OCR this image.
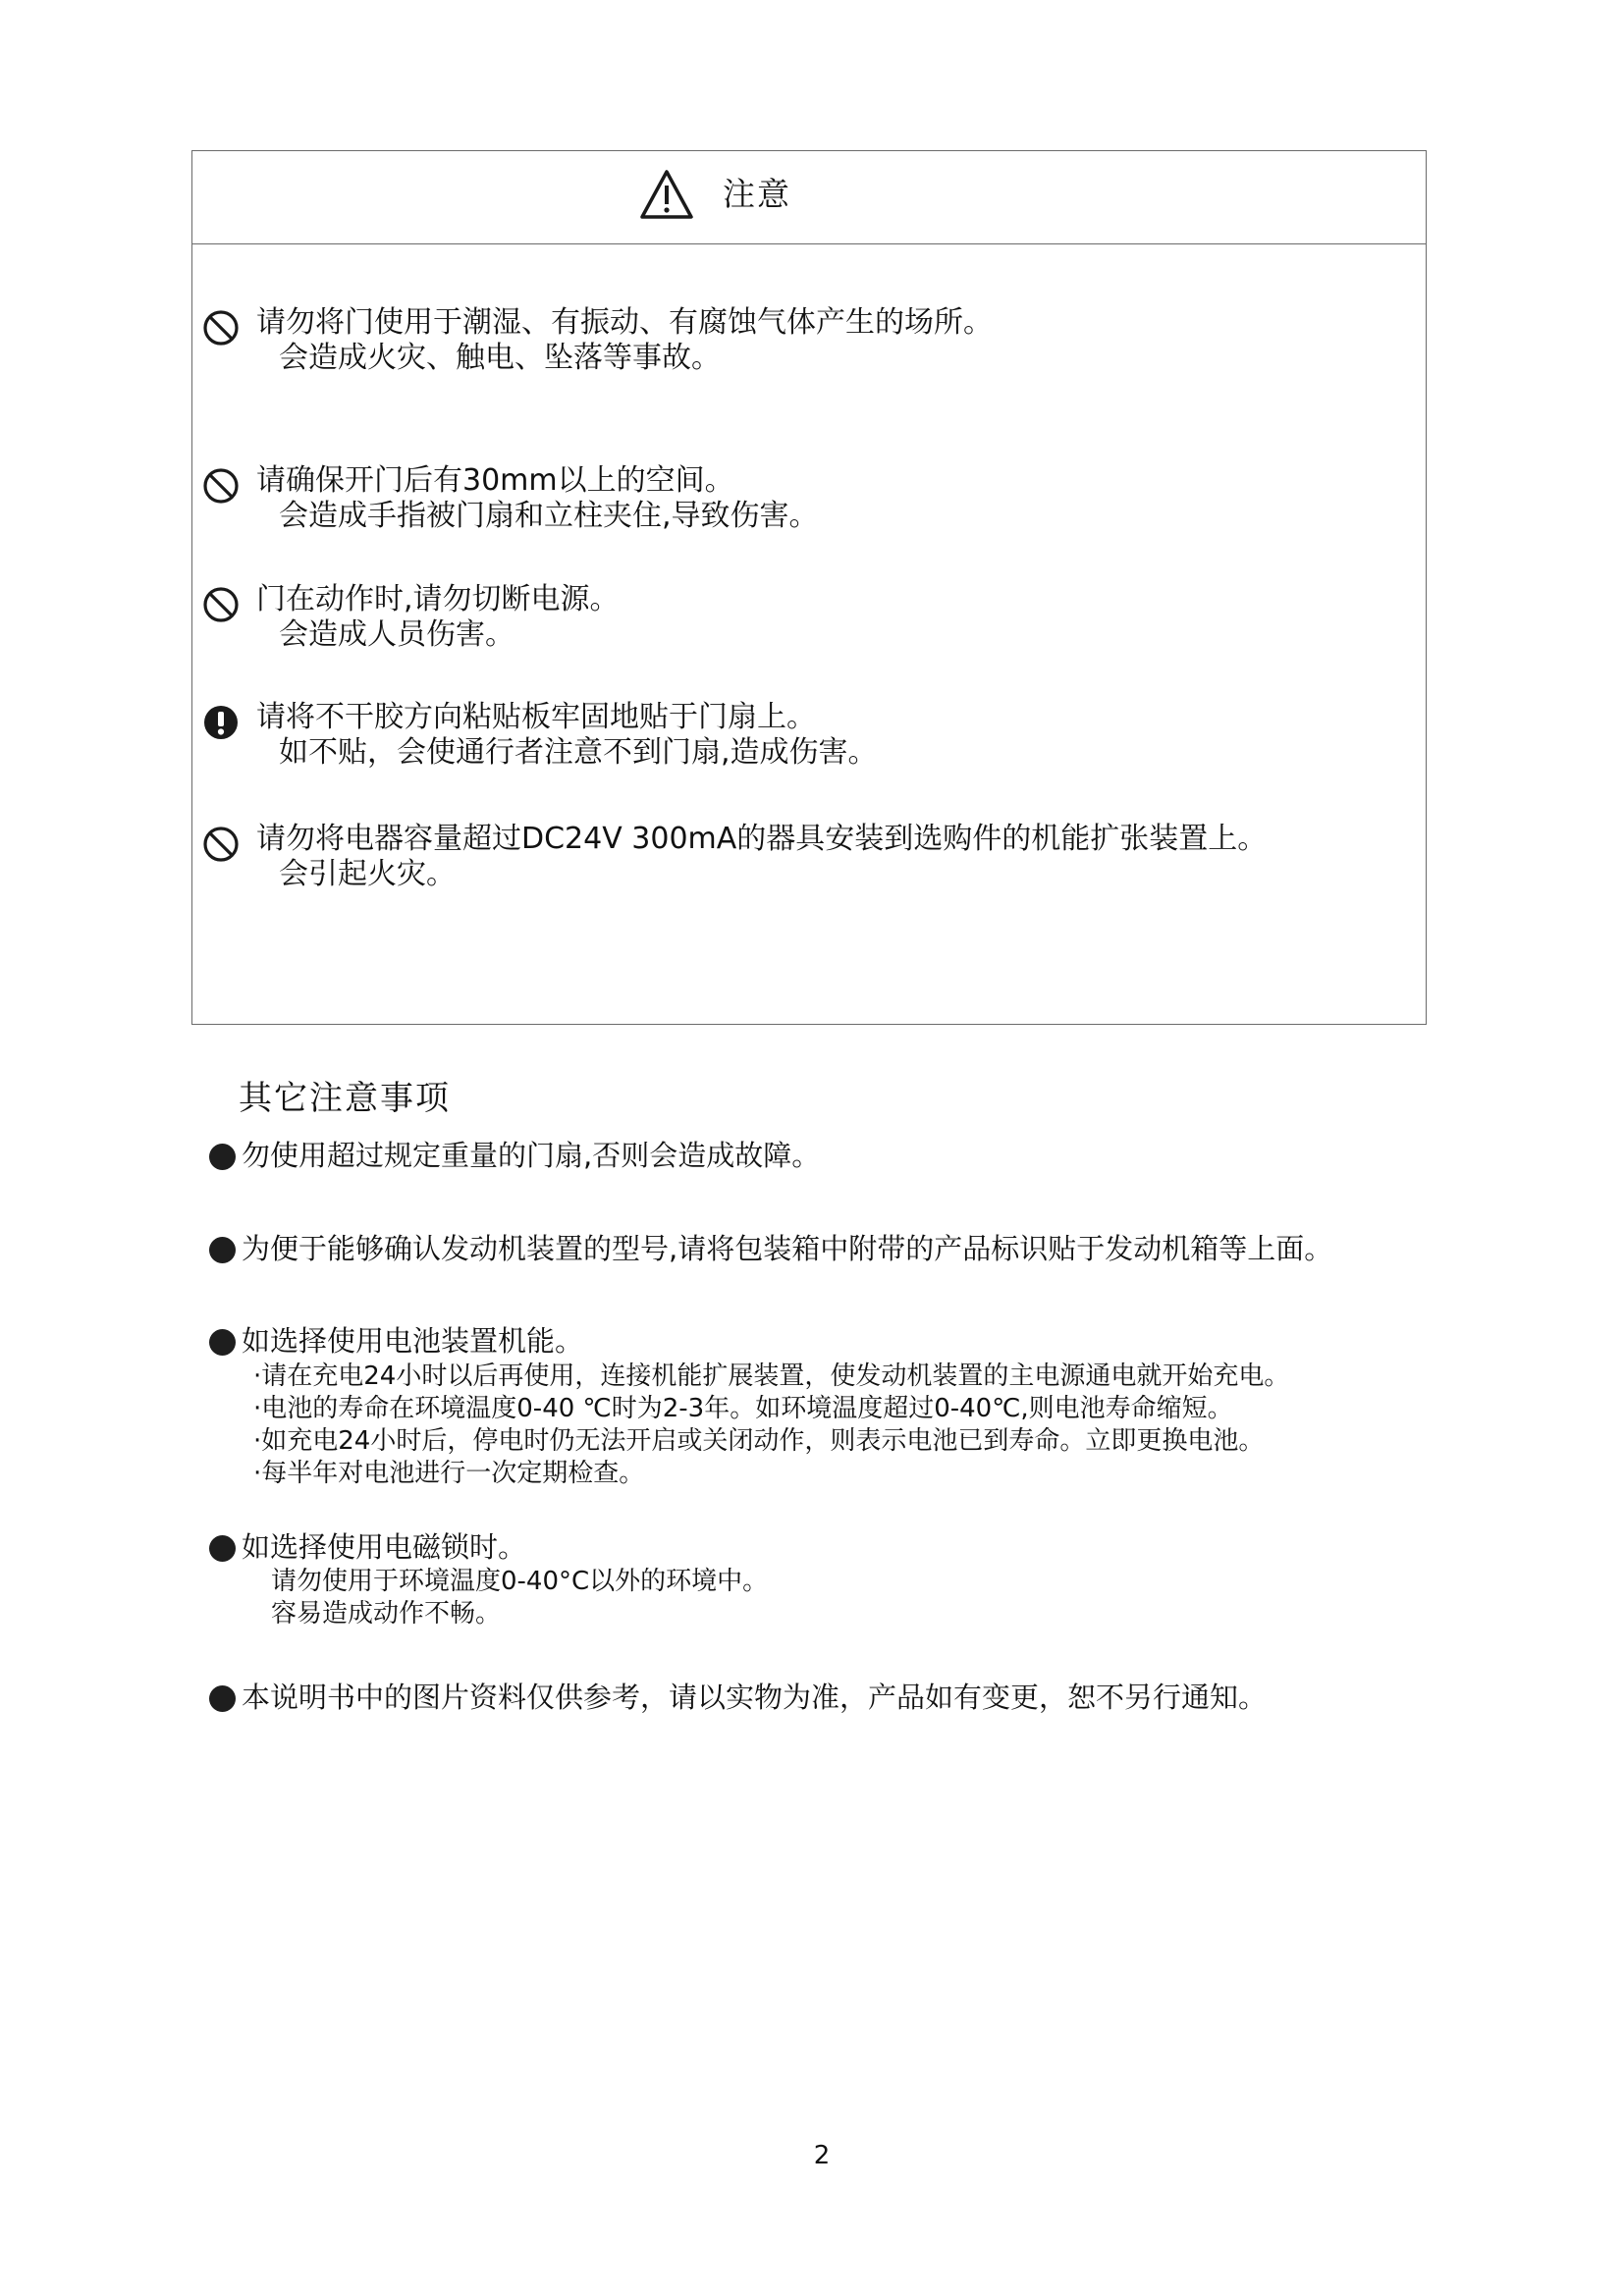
注意
请勿将门使用于潮湿、有振动、有腐蚀气体产生的场所。
会造成火灾、触电、坠落等事故。
请确保开门后有30mm以上的空间。
会造成手指被门扇和立柱夹住,导致伤害。
门在动作时,请勿切断电源。
会造成人员伤害。
请将不干胶方向粘贴板牢固地贴于门扇上。
如不贴，会使通行者注意不到门扇,造成伤害。
请勿将电器容量超过DC24V 300mA的器具安装到选购件的机能扩张装置上。
会引起火灾。
其它注意事项
勿使用超过规定重量的门扇,否则会造成故障。
为便于能够确认发动机装置的型号,请将包装箱中附带的产品标识贴于发动机箱等上面。
如选择使用电池装置机能。
·请在充电24小时以后再使用，连接机能扩展装置，使发动机装置的主电源通电就开始充电。
·电池的寿命在环境温度0-40 ℃时为2-3年。如环境温度超过0-40℃,则电池寿命缩短。
·如充电24小时后，停电时仍无法开启或关闭动作，则表示电池已到寿命。立即更换电池。
·每半年对电池进行一次定期检查。
如选择使用电磁锁时。
请勿使用于环境温度0-40°C以外的环境中。
容易造成动作不畅。
本说明书中的图片资料仅供参考，请以实物为准，产品如有变更，恕不另行通知。
2
